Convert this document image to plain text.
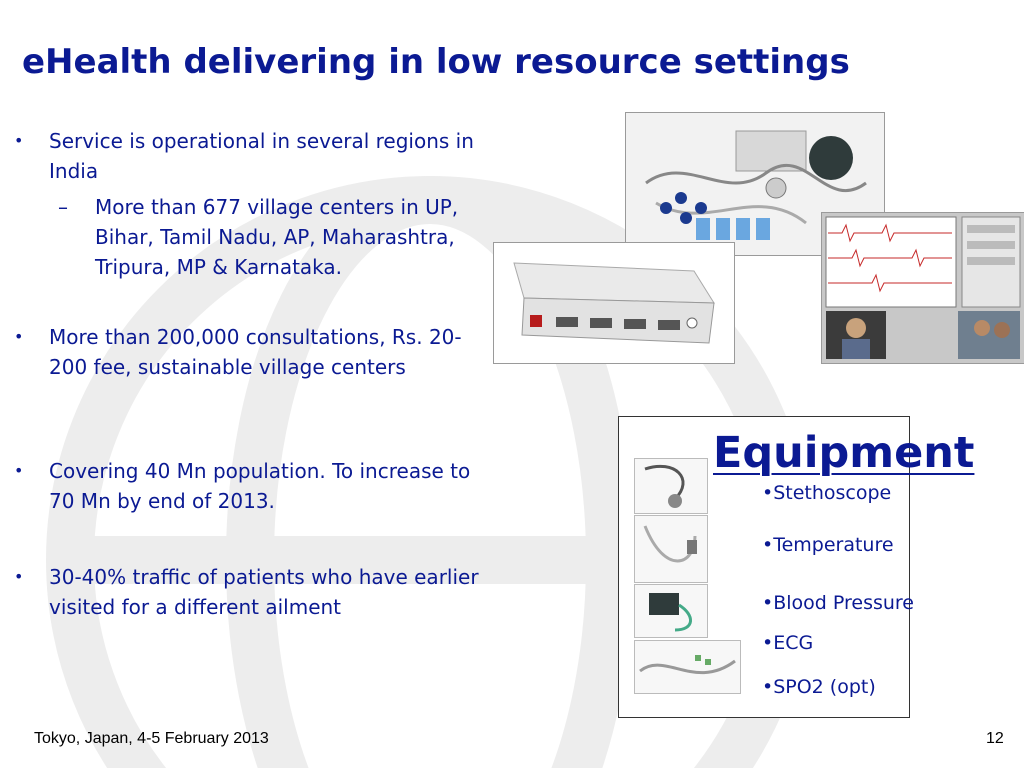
eHealth delivering in low resource settings
•	Service is operational in several regions in India
–	More than 677 village centers in UP, Bihar, Tamil Nadu, AP, Maharashtra, Tripura, MP & Karnataka.
•	More than 200,000 consultations, Rs. 20-200 fee, sustainable village centers
•	Covering 40 Mn population. To increase to 70 Mn by end of 2013.
•	30-40% traffic of patients who have earlier visited for a different ailment
Equipment
•Stethoscope
•Temperature
•Blood Pressure
•ECG
•SPO2 (opt)
Tokyo, Japan, 4-5 February 2013	12
